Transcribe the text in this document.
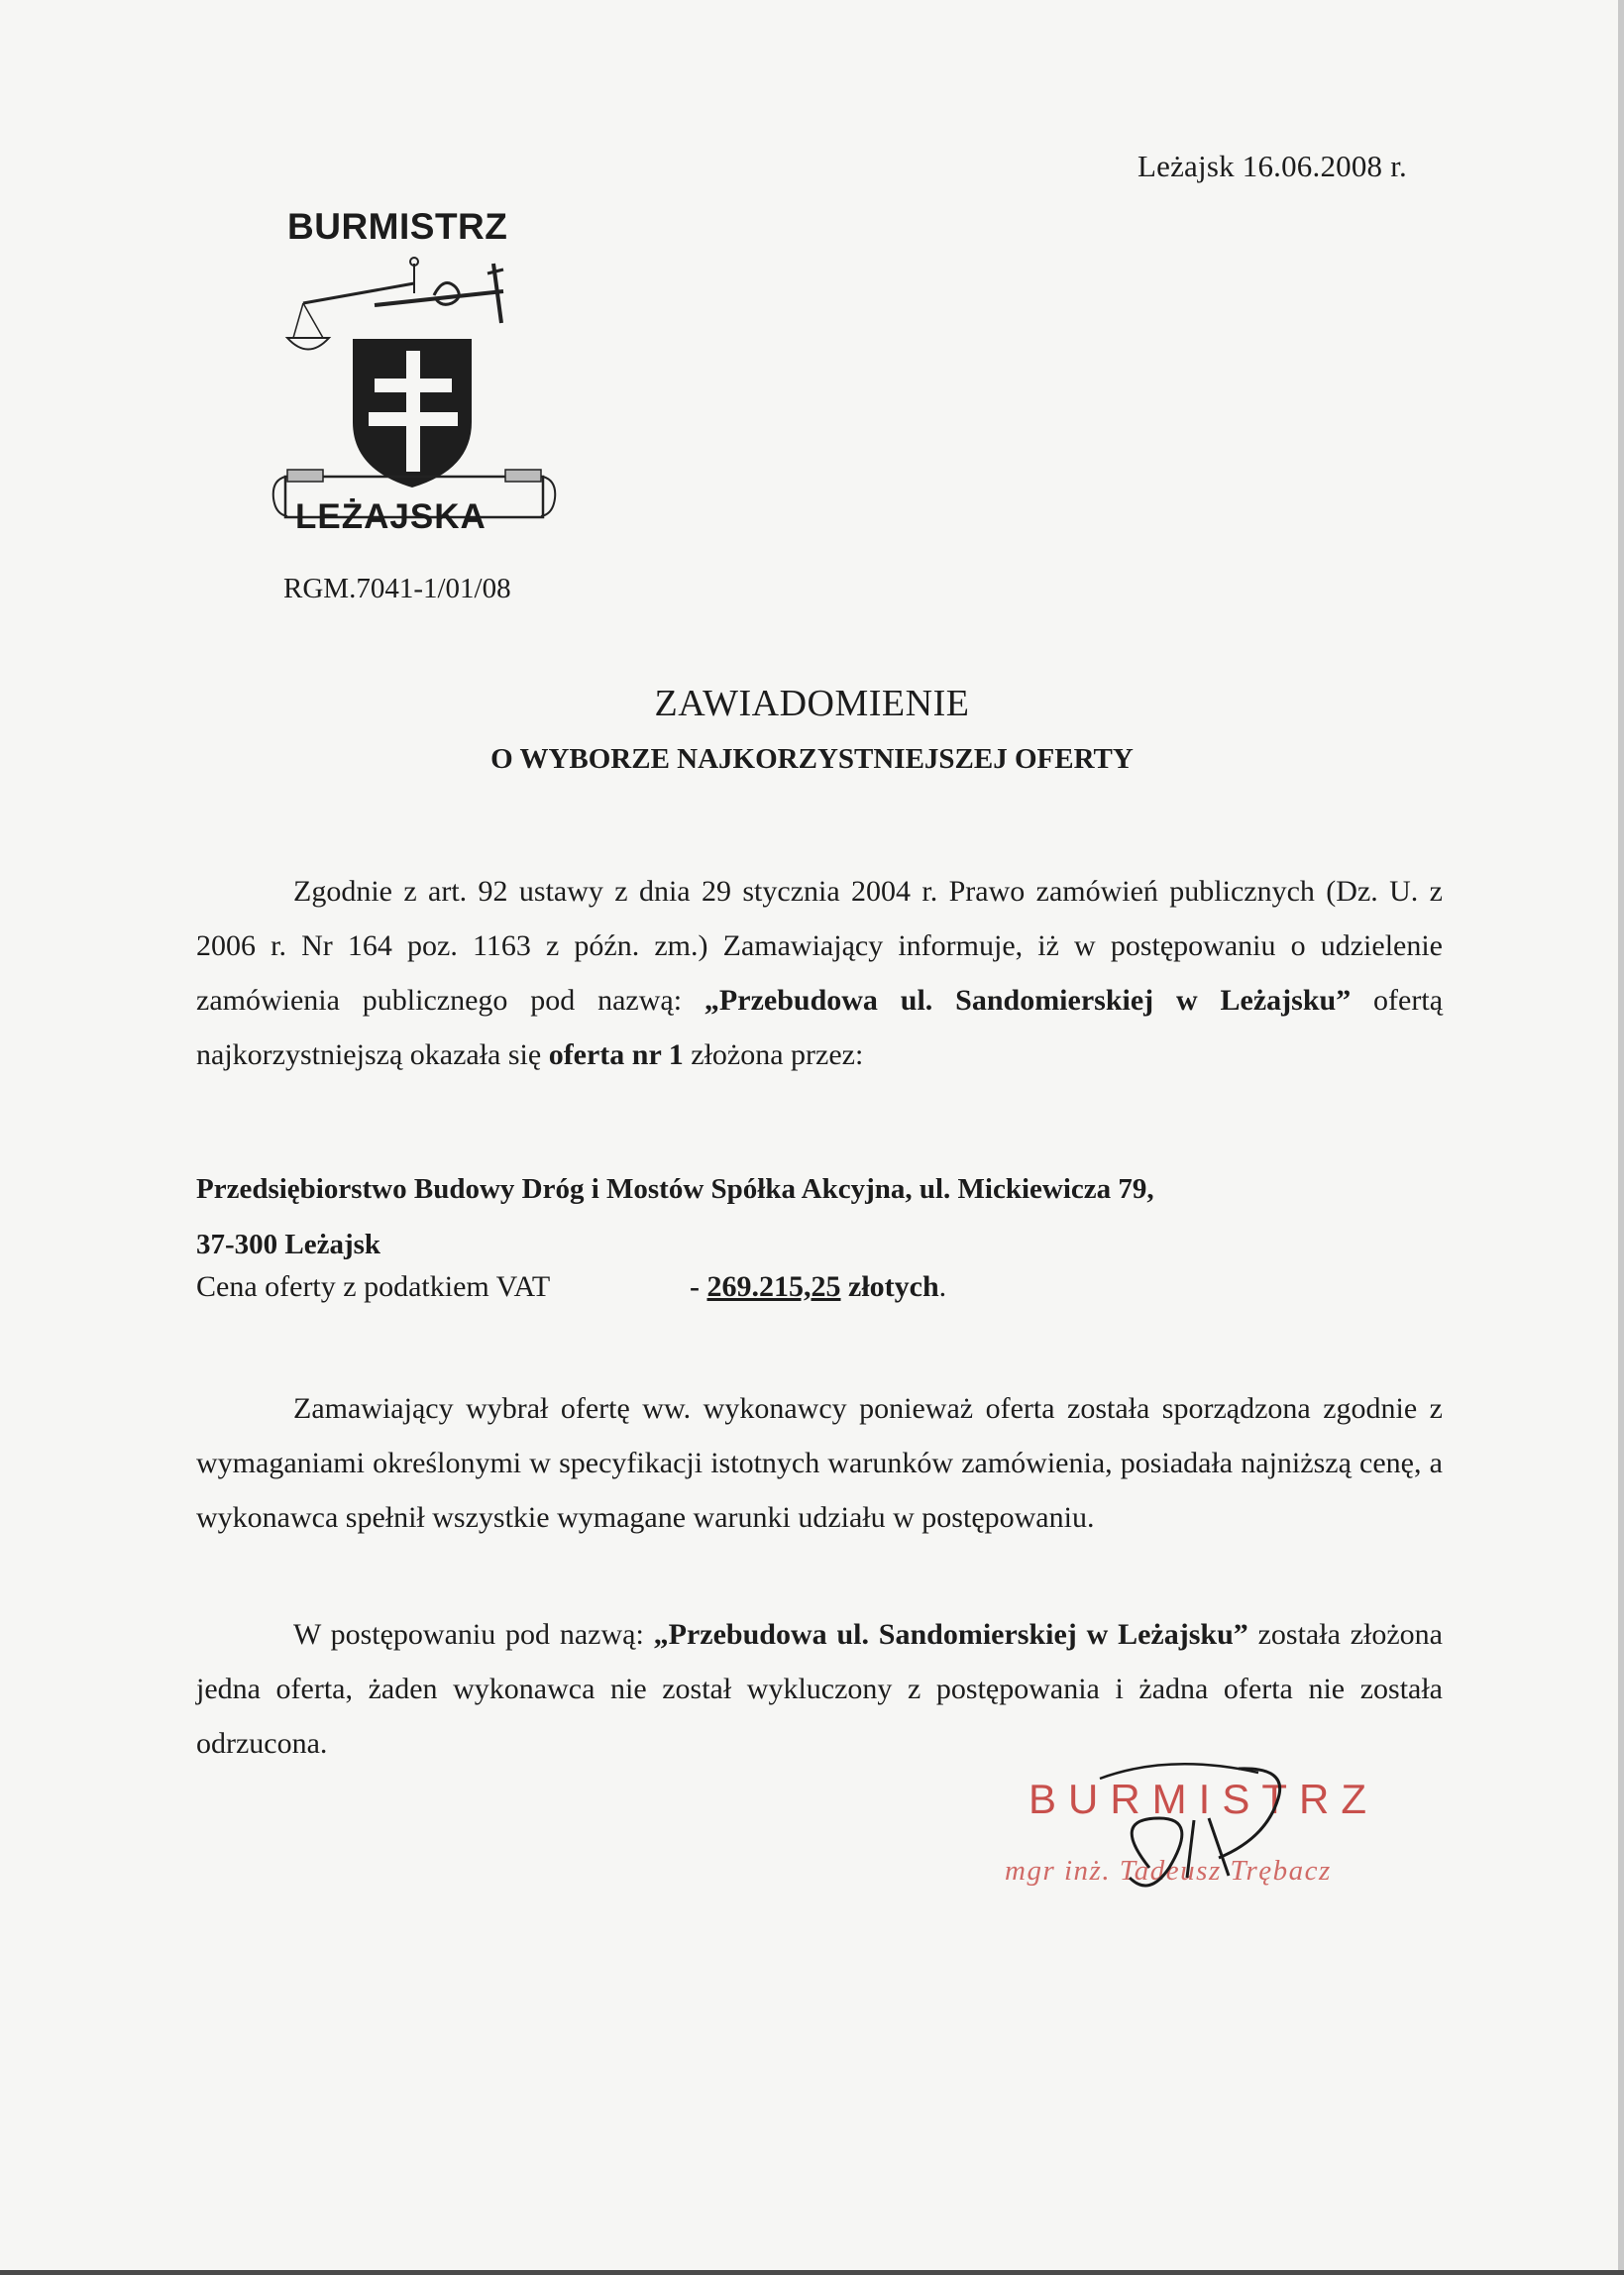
Leżajsk 16.06.2008 r.
BURMISTRZ
LEŻAJSKA
RGM.7041-1/01/08
ZAWIADOMIENIE
O WYBORZE NAJKORZYSTNIEJSZEJ OFERTY

Zgodnie z art. 92 ustawy z dnia 29 stycznia 2004 r. Prawo zamówień publicznych (Dz. U. z 2006 r. Nr 164 poz. 1163 z późn. zm.) Zamawiający informuje, iż w postępowaniu o udzielenie zamówienia publicznego pod nazwą: „Przebudowa ul. Sandomierskiej w Leżajsku” ofertą najkorzystniejszą okazała się oferta nr 1 złożona przez:

Przedsiębiorstwo Budowy Dróg i Mostów Spółka Akcyjna, ul. Mickiewicza 79,
37-300 Leżajsk
Cena oferty z podatkiem VAT	- 269.215,25 złotych.

Zamawiający wybrał ofertę ww. wykonawcy ponieważ oferta została sporządzona zgodnie z wymaganiami określonymi w specyfikacji istotnych warunków zamówienia, posiadała najniższą cenę, a wykonawca spełnił wszystkie wymagane warunki udziału w postępowaniu.

W postępowaniu pod nazwą: „Przebudowa ul. Sandomierskiej w Leżajsku” została złożona jedna oferta, żaden wykonawca nie został wykluczony z postępowania i żadna oferta nie została odrzucona.

BURMISTRZ
mgr inż. Tadeusz Trębacz
